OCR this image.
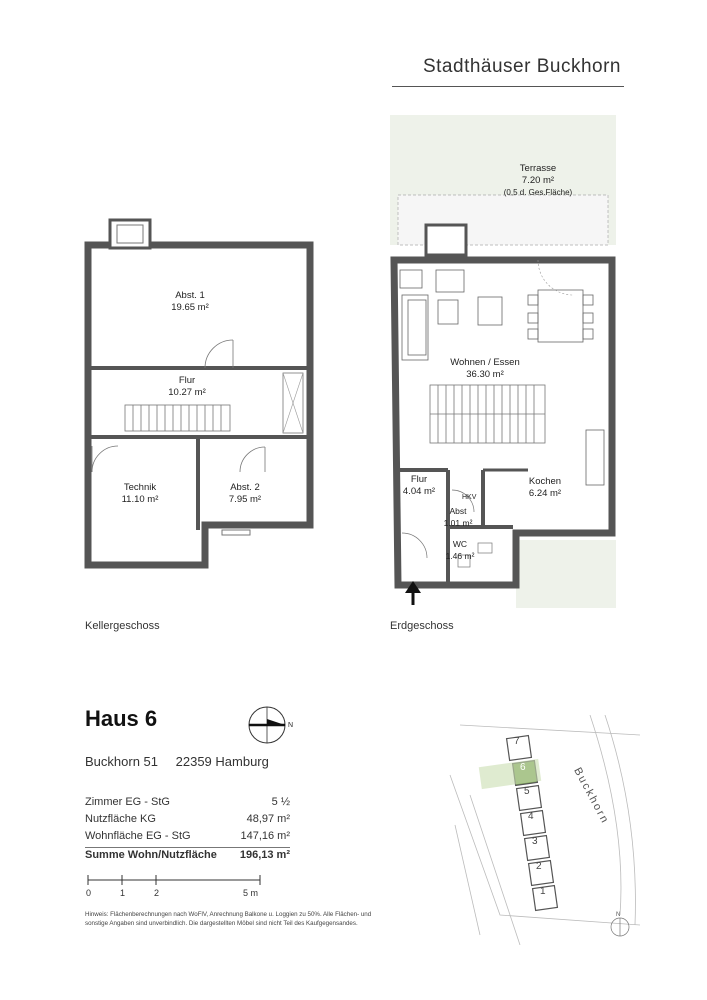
Stadthäuser Buckhorn
Abst. 1
19.65 m²
Flur
10.27 m²
Technik
11.10 m²
Abst. 2
7.95 m²
Kellergeschoss
Terrasse
7.20 m²
(0,5 d. Ges.Fläche)
Wohnen / Essen
36.30 m²
Kochen
6.24 m²
Flur
4.04 m²
Abst
1.01 m²
WC
1.46 m²
HKV
Erdgeschoss
Haus 6
Buckhorn 51 22359 Hamburg
N
Zimmer EG - StG	5 ½
Nutzfläche KG	48,97 m²
Wohnfläche EG - StG	147,16 m²
Summe Wohn/Nutzfläche 196,13 m²
0	1	2	5 m
Hinweis: Flächenberechnungen nach WoFlV, Anrechnung Balkone u. Loggien zu 50%. Alle Flächen- und sonstige Angaben sind unverbindlich. Die dargestellten Möbel sind nicht Teil des Kaufgegensandes.
7
6
5
4
3
2
1
Buckhorn
N
